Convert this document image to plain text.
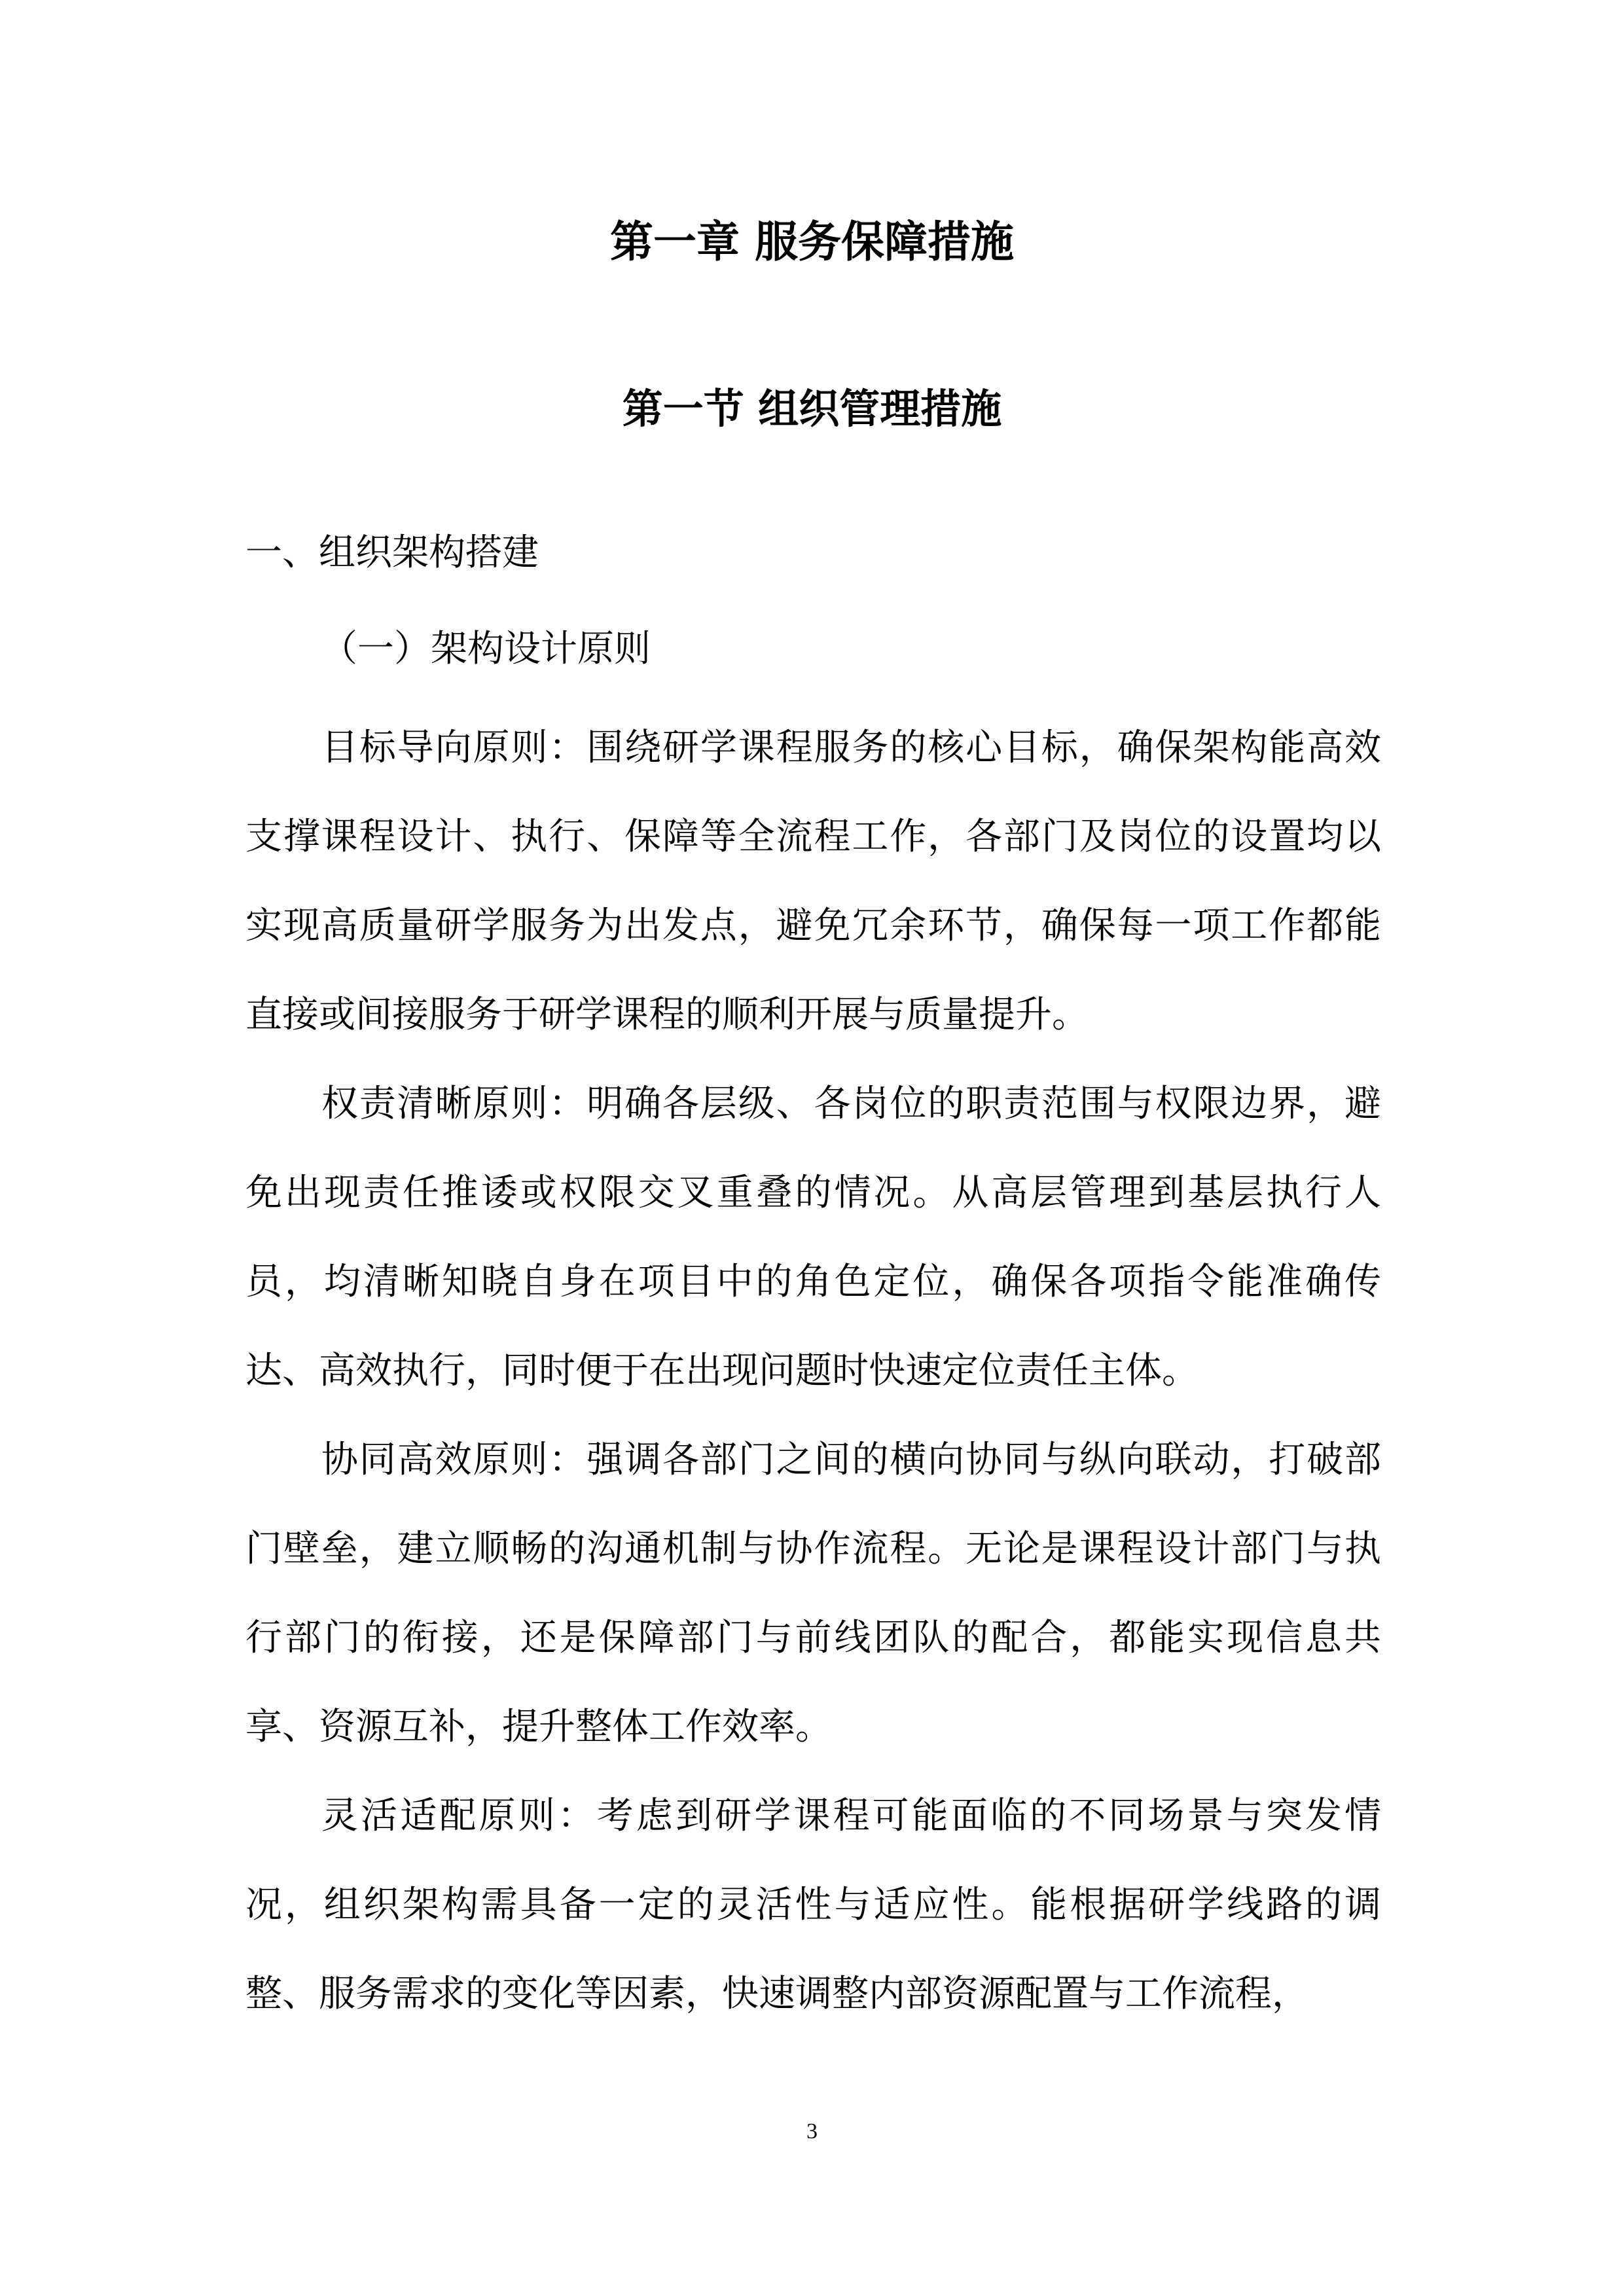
第一章 服务保障措施
第一节 组织管理措施
一、组织架构搭建
（一）架构设计原则

目标导向原则：围绕研学课程服务的核心目标，确保架构能高效支撑课程设计、执行、保障等全流程工作，各部门及岗位的设置均以实现高质量研学服务为出发点，避免冗余环节，确保每一项工作都能直接或间接服务于研学课程的顺利开展与质量提升。

权责清晰原则：明确各层级、各岗位的职责范围与权限边界，避免出现责任推诿或权限交叉重叠的情况。从高层管理到基层执行人员，均清晰知晓自身在项目中的角色定位，确保各项指令能准确传达、高效执行，同时便于在出现问题时快速定位责任主体。

协同高效原则：强调各部门之间的横向协同与纵向联动，打破部门壁垒，建立顺畅的沟通机制与协作流程。无论是课程设计部门与执行部门的衔接，还是保障部门与前线团队的配合，都能实现信息共享、资源互补，提升整体工作效率。

灵活适配原则：考虑到研学课程可能面临的不同场景与突发情况，组织架构需具备一定的灵活性与适应性。能根据研学线路的调整、服务需求的变化等因素，快速调整内部资源配置与工作流程，

3
